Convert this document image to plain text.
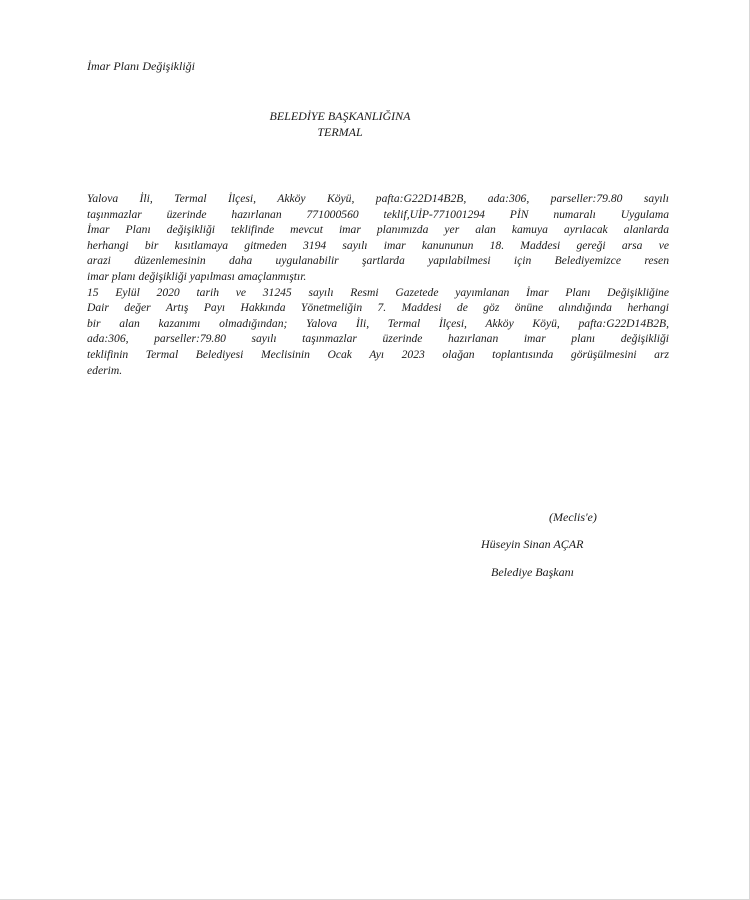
İmar Planı Değişikliği
BELEDİYE BAŞKANLIĞINA
TERMAL
Yalova İli, Termal İlçesi, Akköy Köyü, pafta:G22D14B2B, ada:306, parseller:79.80 sayılı
taşınmazlar üzerinde hazırlanan 771000560 teklif,UİP-771001294 PİN numaralı Uygulama
İmar Planı değişikliği teklifinde mevcut imar planımızda yer alan kamuya ayrılacak alanlarda
herhangi bir kısıtlamaya gitmeden 3194 sayılı imar kanununun 18. Maddesi gereği arsa ve
arazi düzenlemesinin daha uygulanabilir şartlarda yapılabilmesi için Belediyemizce resen
imar planı değişikliği yapılması amaçlanmıştır.
15 Eylül 2020 tarih ve 31245 sayılı Resmi Gazetede yayımlanan İmar Planı Değişikliğine
Dair değer Artış Payı Hakkında Yönetmeliğin 7. Maddesi de göz önüne alındığında herhangi
bir alan kazanımı olmadığından; Yalova İli, Termal İlçesi, Akköy Köyü, pafta:G22D14B2B,
ada:306, parseller:79.80 sayılı taşınmazlar üzerinde hazırlanan imar planı değişikliği
teklifinin Termal Belediyesi Meclisinin Ocak Ayı 2023 olağan toplantısında görüşülmesini arz
ederim.
(Meclis'e)
Hüseyin Sinan AÇAR
Belediye Başkanı
